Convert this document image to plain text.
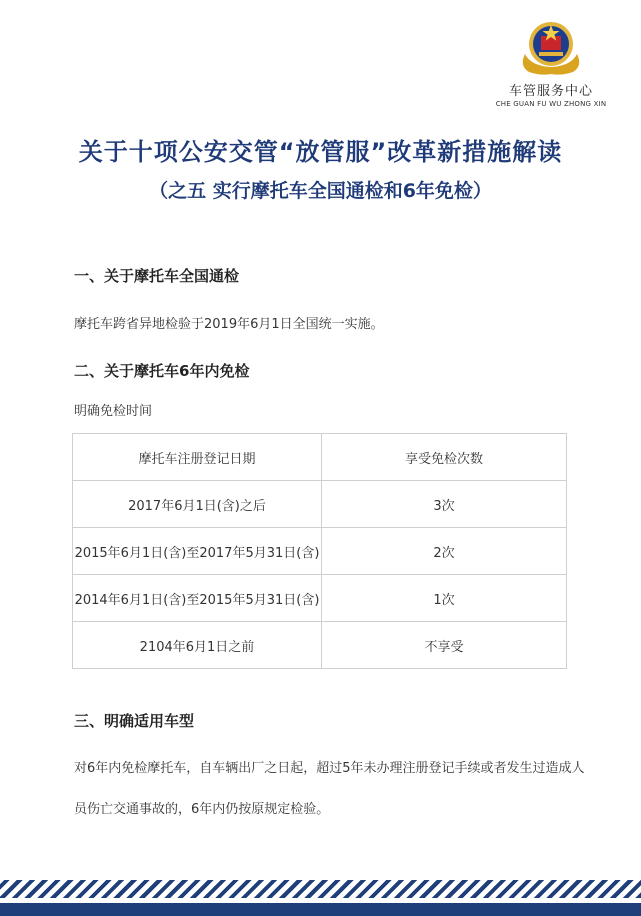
车管服务中心
CHE GUAN FU WU ZHONG XIN
关于十项公安交管“放管服”改革新措施解读
（之五 实行摩托车全国通检和6年免检）
一、关于摩托车全国通检
摩托车跨省异地检验于2019年6月1日全国统一实施。
二、关于摩托车6年内免检
明确免检时间
摩托车注册登记日期	享受免检次数
2017年6月1日(含)之后	3次
2015年6月1日(含)至2017年5月31日(含)	2次
2014年6月1日(含)至2015年5月31日(含)	1次
2104年6月1日之前	不享受
三、明确适用车型
对6年内免检摩托车，自车辆出厂之日起，超过5年未办理注册登记手续或者发生过造成人员伤亡交通事故的，6年内仍按原规定检验。
